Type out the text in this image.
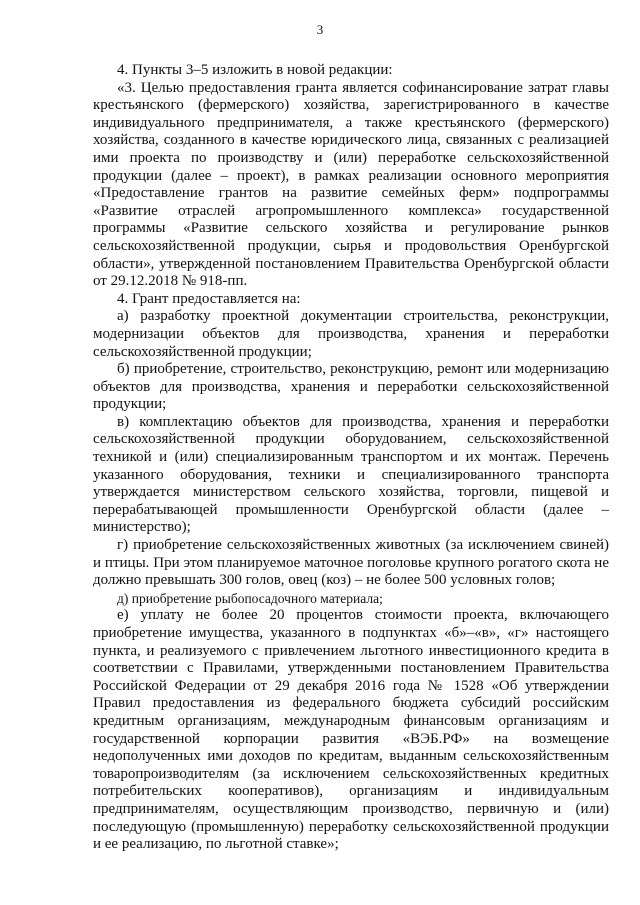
3

4. Пункты 3–5 изложить в новой редакции:

«3. Целью предоставления гранта является софинансирование затрат главы крестьянского (фермерского) хозяйства, зарегистрированного в качестве индивидуального предпринимателя, а также крестьянского (фермерского) хозяйства, созданного в качестве юридического лица, связанных с реализацией ими проекта по производству и (или) переработке сельскохозяйственной продукции (далее – проект), в рамках реализации основного мероприятия «Предоставление грантов на развитие семейных ферм» подпрограммы «Развитие отраслей агропромышленного комплекса» государственной программы «Развитие сельского хозяйства и регулирование рынков сельскохозяйственной продукции, сырья и продовольствия Оренбургской области», утвержденной постановлением Правительства Оренбургской области от 29.12.2018 № 918-пп.

4. Грант предоставляется на:

а) разработку проектной документации строительства, реконструкции, модернизации объектов для производства, хранения и переработки сельскохозяйственной продукции;

б) приобретение, строительство, реконструкцию, ремонт или модернизацию объектов для производства, хранения и переработки сельскохозяйственной продукции;

в) комплектацию объектов для производства, хранения и переработки сельскохозяйственной продукции оборудованием, сельскохозяйственной техникой и (или) специализированным транспортом и их монтаж. Перечень указанного оборудования, техники и специализированного транспорта утверждается министерством сельского хозяйства, торговли, пищевой и перерабатывающей промышленности Оренбургской области (далее – министерство);

г) приобретение сельскохозяйственных животных (за исключением свиней) и птицы. При этом планируемое маточное поголовье крупного рогатого скота не должно превышать 300 голов, овец (коз) – не более 500 условных голов;

д) приобретение рыбопосадочного материала;

е) уплату не более 20 процентов стоимости проекта, включающего приобретение имущества, указанного в подпунктах «б»–«в», «г» настоящего пункта, и реализуемого с привлечением льготного инвестиционного кредита в соответствии с Правилами, утвержденными постановлением Правительства Российской Федерации от 29 декабря 2016 года № 1528 «Об утверждении Правил предоставления из федерального бюджета субсидий российским кредитным организациям, международным финансовым организациям и государственной корпорации развития «ВЭБ.РФ» на возмещение недополученных ими доходов по кредитам, выданным сельскохозяйственным товаропроизводителям (за исключением сельскохозяйственных кредитных потребительских кооперативов), организациям и индивидуальным предпринимателям, осуществляющим производство, первичную и (или) последующую (промышленную) переработку сельскохозяйственной продукции и ее реализацию, по льготной ставке»;
